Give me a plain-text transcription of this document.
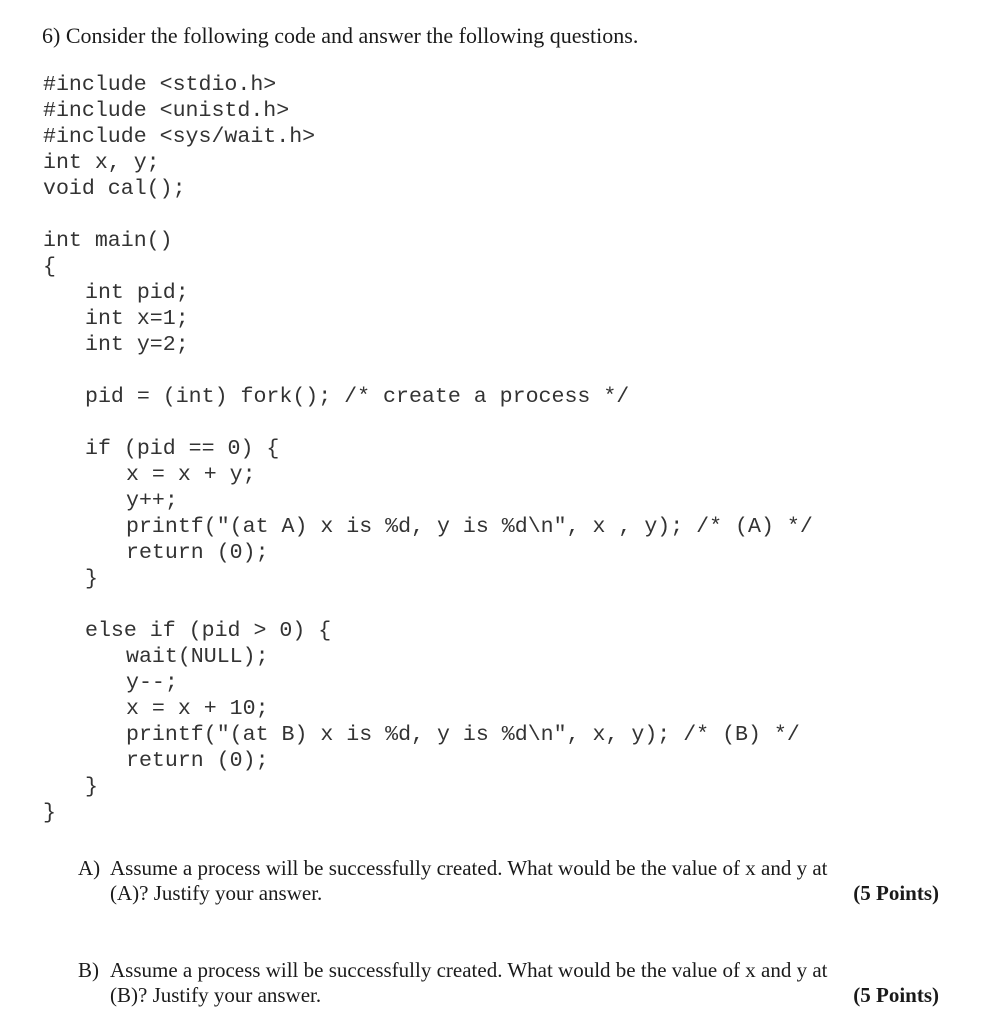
6) Consider the following code and answer the following questions.
#include <stdio.h>
#include <unistd.h>
#include <sys/wait.h>
int x, y;
void cal();
int main()
{
int pid;
int x=1;
int y=2;
pid = (int) fork(); /* create a process */
if (pid == 0) {
x = x + y;
y++;
printf("(at A) x is %d, y is %d\n", x , y); /* (A) */
return (0);
}
else if (pid > 0) {
wait(NULL);
y--;
x = x + 10;
printf("(at B) x is %d, y is %d\n", x, y); /* (B) */
return (0);
}
}
A) Assume a process will be successfully created. What would be the value of x and y at
(A)? Justify your answer.	(5 Points)
B) Assume a process will be successfully created. What would be the value of x and y at
(B)? Justify your answer.	(5 Points)
